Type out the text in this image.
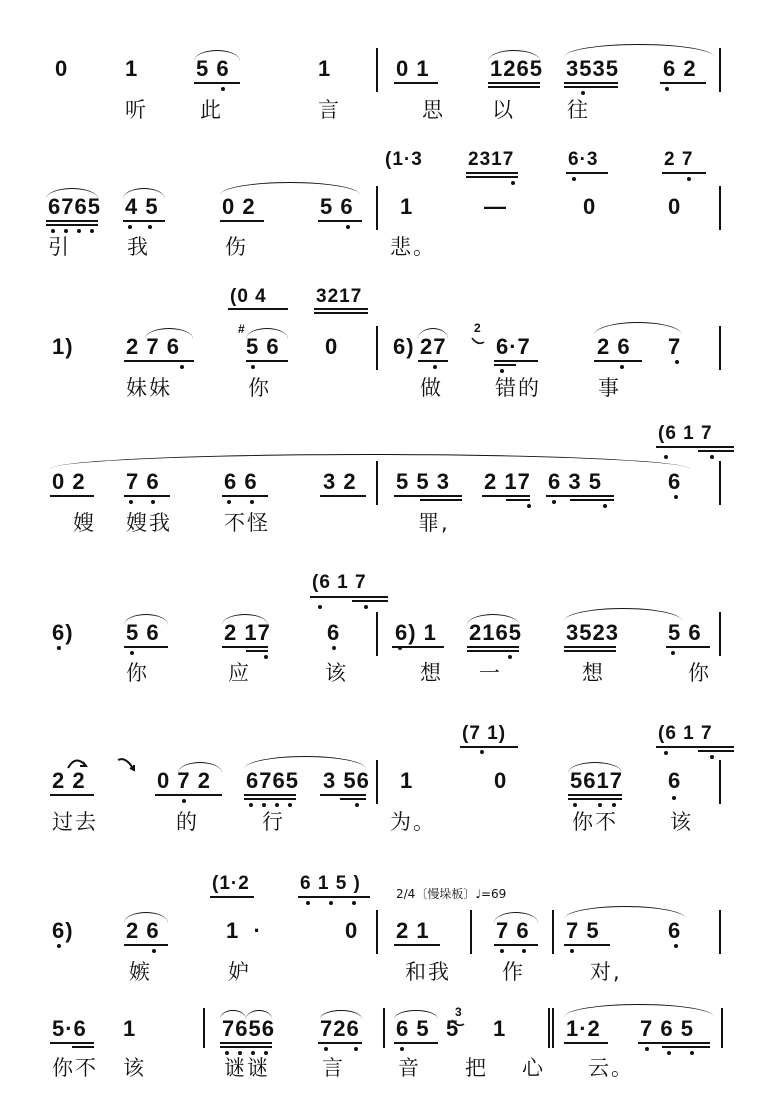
2/4〔慢垛板〕♩=69
#
0	1	5 6	1	0 1	1265 3535 6 2
听 此	言	思 以 往
(1·3 2317	6·3	2 7
6765 4 5	0 2	5 6 1	—	0	0
引	我	伤	悲。
(0 4	3217
1) 2 7 6	5 6 0 6) 27 6·7	2 6 7
妹妹	你	做 错的	事
(6 1 7
0 2 7 6	6 6	3 2 5 5 3 2 17 6 3 5	6
嫂 嫂我 不怪	罪,
(6 1 7
6) 5 6	2 17	6 6) 1 2165 3523 5 6
你	应	该	想 一	想	你
(7 1)	(6 1 7
2 2	0 7 2 6765 3 56 1	0	5617 6
过去	的	行	为。	你不 该
(1·2	6 1 5 )
6) 2 6	1  ·	0 2 1	7 6 7 5	6
嫉	妒	和我 作	对,
5·6 1	7656 726 6 5 5 1	1·2 7 6 5
你不 该	谜谜 言	音 把 心 云。
2
3
